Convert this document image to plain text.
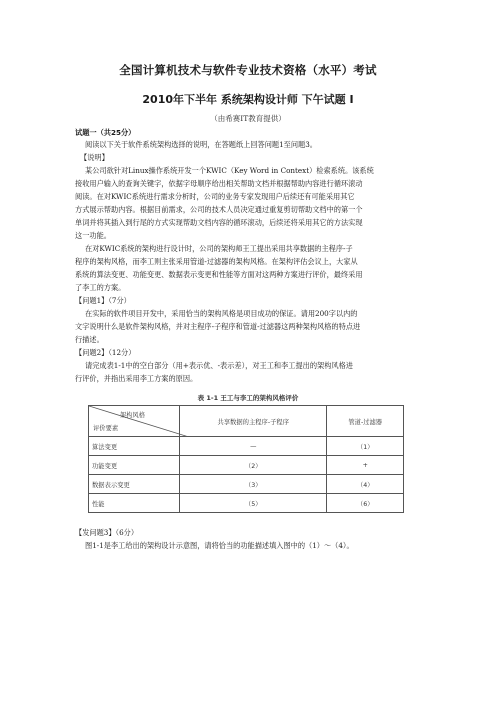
全国计算机技术与软件专业技术资格（水平）考试
2010年下半年 系统架构设计师 下午试题 I
（由希赛IT教育提供）
试题一（共25分）
阅读以下关于软件系统架构选择的说明，在答题纸上回答问题1至问题3。
【说明】
某公司欲针对Linux操作系统开发一个KWIC（Key Word in Context）检索系统。该系统
接收用户输入的查询关键字，依据字母顺序给出相关帮助文档并根据帮助内容进行循环滚动
阅读。在对KWIC系统进行需求分析时，公司的业务专家发现用户后续还有可能采用其它
方式展示帮助内容。根据目前需求，公司的技术人员决定通过重复剪切帮助文档中的第一个
单词并将其插入到行尾的方式实现帮助文档内容的循环滚动，后续还将采用其它的方法实现
这一功能。
在对KWIC系统的架构进行设计时，公司的架构师王工提出采用共享数据的主程序-子
程序的架构风格，而李工则主张采用管道-过滤器的架构风格。在架构评估会议上，大家从
系统的算法变更、功能变更、数据表示变更和性能等方面对这两种方案进行评价，最终采用
了李工的方案。
【问题1】（7分）
在实际的软件项目开发中，采用恰当的架构风格是项目成功的保证。请用200字以内的
文字说明什么是软件架构风格，并对主程序-子程序和管道-过滤器这两种架构风格的特点进
行描述。
【问题2】（12分）
请完成表1-1中的空白部分（用+表示优、-表示差），对王工和李工提出的架构风格进
行评价，并指出采用李工方案的原因。
表 1-1 王工与李工的架构风格评价
架构风格
评价要素	共享数据的主程序-子程序	管道-过滤器
算法变更	—	（1）
功能变更	（2）	+
数据表示变更	（3）	（4）
性能	（5）	（6）
【发问题3】（6分）
图1-1是李工给出的架构设计示意图，请将恰当的功能描述填入图中的（1）～（4）。
